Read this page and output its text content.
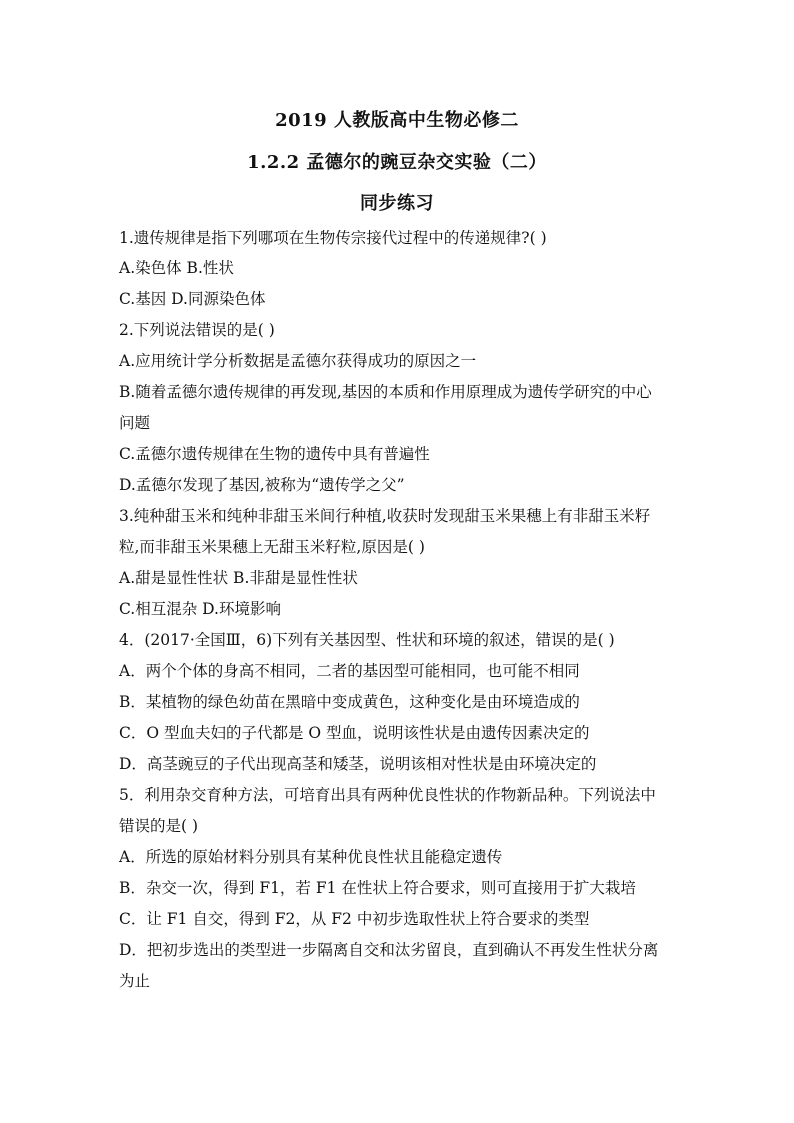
2019 人教版高中生物必修二
1.2.2 孟德尔的豌豆杂交实验（二）
同步练习
1.遗传规律是指下列哪项在生物传宗接代过程中的传递规律?( )
A.染色体 B.性状
C.基因 D.同源染色体
2.下列说法错误的是( )
A.应用统计学分析数据是孟德尔获得成功的原因之一
B.随着孟德尔遗传规律的再发现,基因的本质和作用原理成为遗传学研究的中心
问题
C.孟德尔遗传规律在生物的遗传中具有普遍性
D.孟德尔发现了基因,被称为“遗传学之父”
3.纯种甜玉米和纯种非甜玉米间行种植,收获时发现甜玉米果穗上有非甜玉米籽
粒,而非甜玉米果穗上无甜玉米籽粒,原因是( )
A.甜是显性性状 B.非甜是显性性状
C.相互混杂 D.环境影响
4．(2017·全国Ⅲ，6)下列有关基因型、性状和环境的叙述，错误的是( )
A．两个个体的身高不相同，二者的基因型可能相同，也可能不相同
B．某植物的绿色幼苗在黑暗中变成黄色，这种变化是由环境造成的
C．O 型血夫妇的子代都是 O 型血，说明该性状是由遗传因素决定的
D．高茎豌豆的子代出现高茎和矮茎，说明该相对性状是由环境决定的
5．利用杂交育种方法，可培育出具有两种优良性状的作物新品种。下列说法中
错误的是( )
A．所选的原始材料分别具有某种优良性状且能稳定遗传
B．杂交一次，得到 F1，若 F1 在性状上符合要求，则可直接用于扩大栽培
C．让 F1 自交，得到 F2，从 F2 中初步选取性状上符合要求的类型
D．把初步选出的类型进一步隔离自交和汰劣留良，直到确认不再发生性状分离
为止
